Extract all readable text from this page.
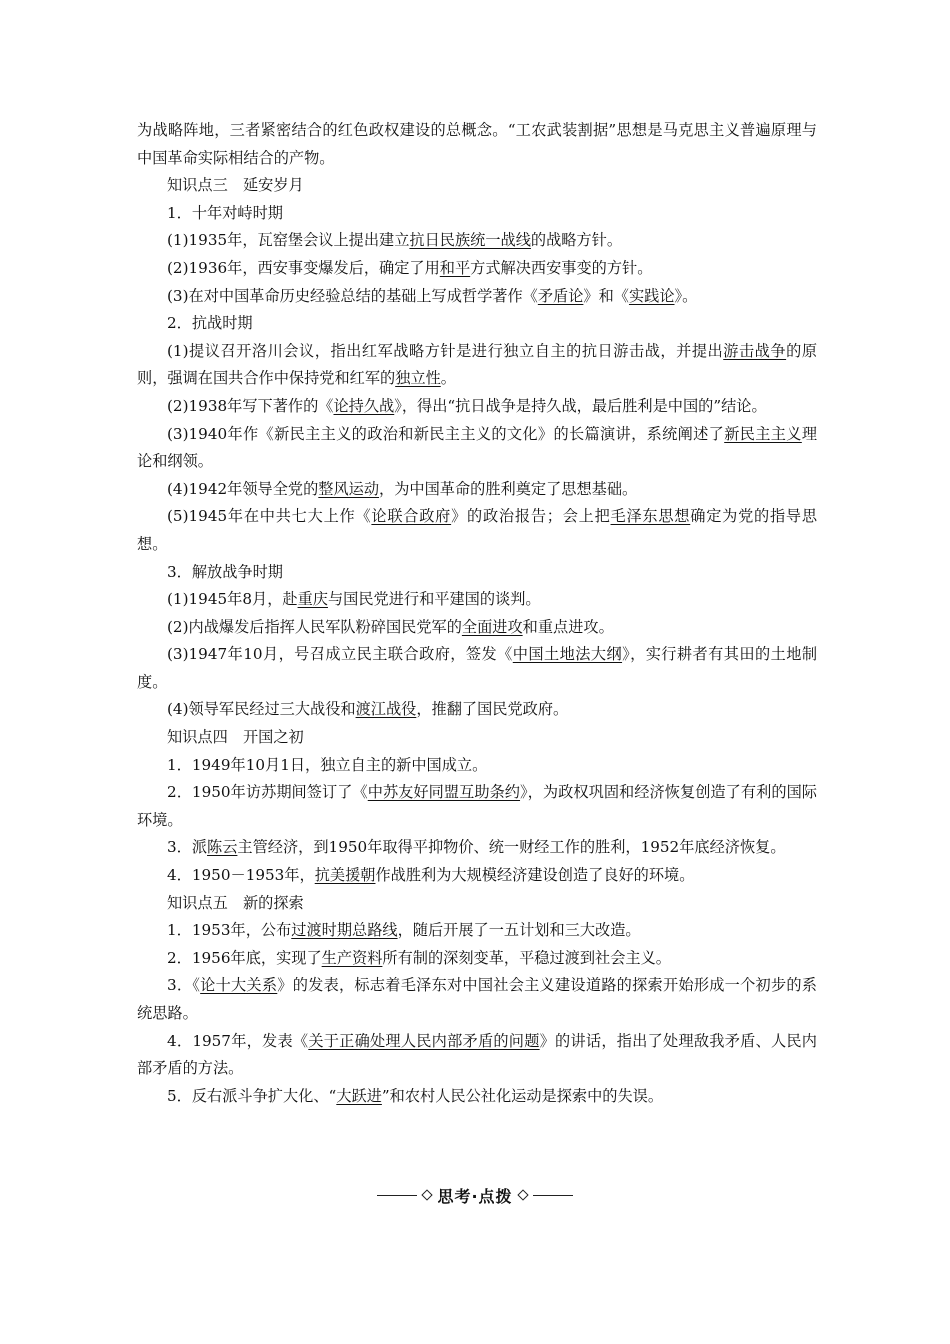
为战略阵地，三者紧密结合的红色政权建设的总概念。“工农武装割据”思想是马克思主义普遍原理与中国革命实际相结合的产物。

知识点三　延安岁月

1．十年对峙时期

(1)1935年，瓦窑堡会议上提出建立抗日民族统一战线的战略方针。

(2)1936年，西安事变爆发后，确定了用和平方式解决西安事变的方针。

(3)在对中国革命历史经验总结的基础上写成哲学著作《矛盾论》和《实践论》。

2．抗战时期

(1)提议召开洛川会议，指出红军战略方针是进行独立自主的抗日游击战，并提出游击战争的原则，强调在国共合作中保持党和红军的独立性。

(2)1938年写下著作的《论持久战》，得出“抗日战争是持久战，最后胜利是中国的”结论。

(3)1940年作《新民主主义的政治和新民主主义的文化》的长篇演讲，系统阐述了新民主主义理论和纲领。

(4)1942年领导全党的整风运动，为中国革命的胜利奠定了思想基础。

(5)1945年在中共七大上作《论联合政府》的政治报告；会上把毛泽东思想确定为党的指导思想。

3．解放战争时期

(1)1945年8月，赴重庆与国民党进行和平建国的谈判。

(2)内战爆发后指挥人民军队粉碎国民党军的全面进攻和重点进攻。

(3)1947年10月，号召成立民主联合政府，签发《中国土地法大纲》，实行耕者有其田的土地制度。

(4)领导军民经过三大战役和渡江战役，推翻了国民党政府。

知识点四　开国之初

1．1949年10月1日，独立自主的新中国成立。

2．1950年访苏期间签订了《中苏友好同盟互助条约》，为政权巩固和经济恢复创造了有利的国际环境。

3．派陈云主管经济，到1950年取得平抑物价、统一财经工作的胜利，1952年底经济恢复。

4．1950－1953年，抗美援朝作战胜利为大规模经济建设创造了良好的环境。

知识点五　新的探索

1．1953年，公布过渡时期总路线，随后开展了一五计划和三大改造。

2．1956年底，实现了生产资料所有制的深刻变革，平稳过渡到社会主义。

3．《论十大关系》的发表，标志着毛泽东对中国社会主义建设道路的探索开始形成一个初步的系统思路。

4．1957年，发表《关于正确处理人民内部矛盾的问题》的讲话，指出了处理敌我矛盾、人民内部矛盾的方法。

5．反右派斗争扩大化、“大跃进”和农村人民公社化运动是探索中的失误。

思考·点拨
